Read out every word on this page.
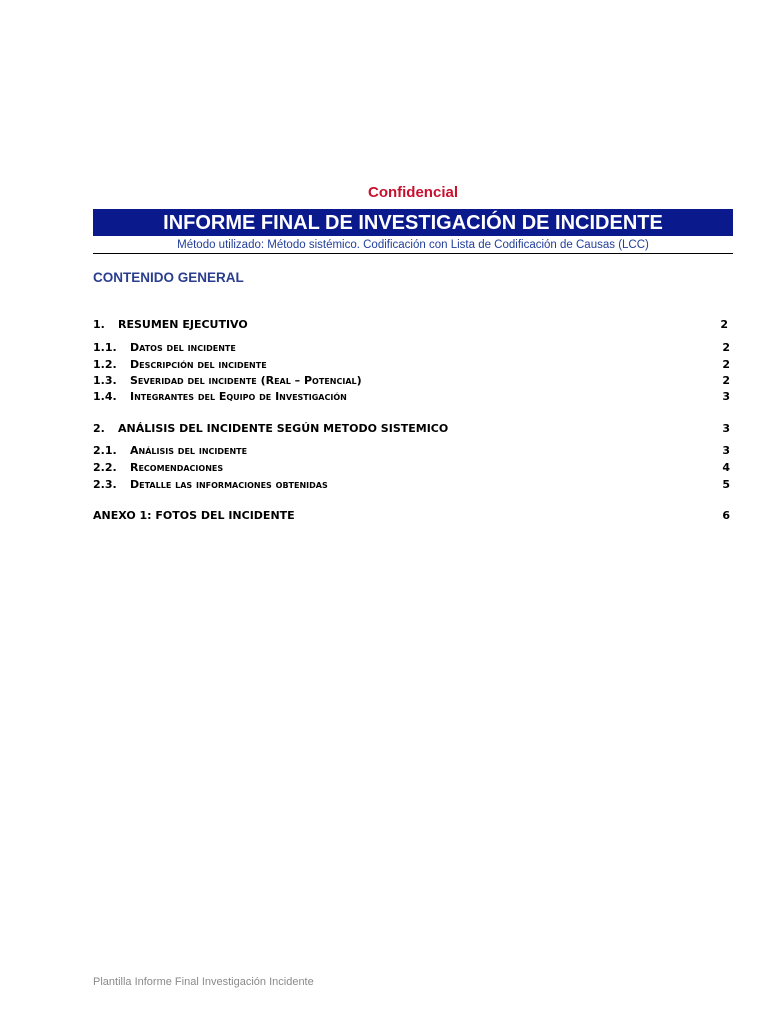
Confidencial
INFORME FINAL DE INVESTIGACIÓN DE INCIDENTE
Método utilizado: Método sistémico. Codificación con Lista de Codificación de Causas (LCC)
CONTENIDO GENERAL
1. RESUMEN EJECUTIVO	2
1.1. Datos del incidente	2
1.2. Descripción del incidente	2
1.3. Severidad del incidente (Real – Potencial)	2
1.4. Integrantes del Equipo de Investigación	3
2. ANÁLISIS DEL INCIDENTE SEGÚN METODO SISTEMICO	3
2.1. Análisis del incidente	3
2.2. Recomendaciones	4
2.3. Detalle las informaciones obtenidas	5
ANEXO 1: FOTOS DEL INCIDENTE	6
Plantilla Informe Final Investigación Incidente
